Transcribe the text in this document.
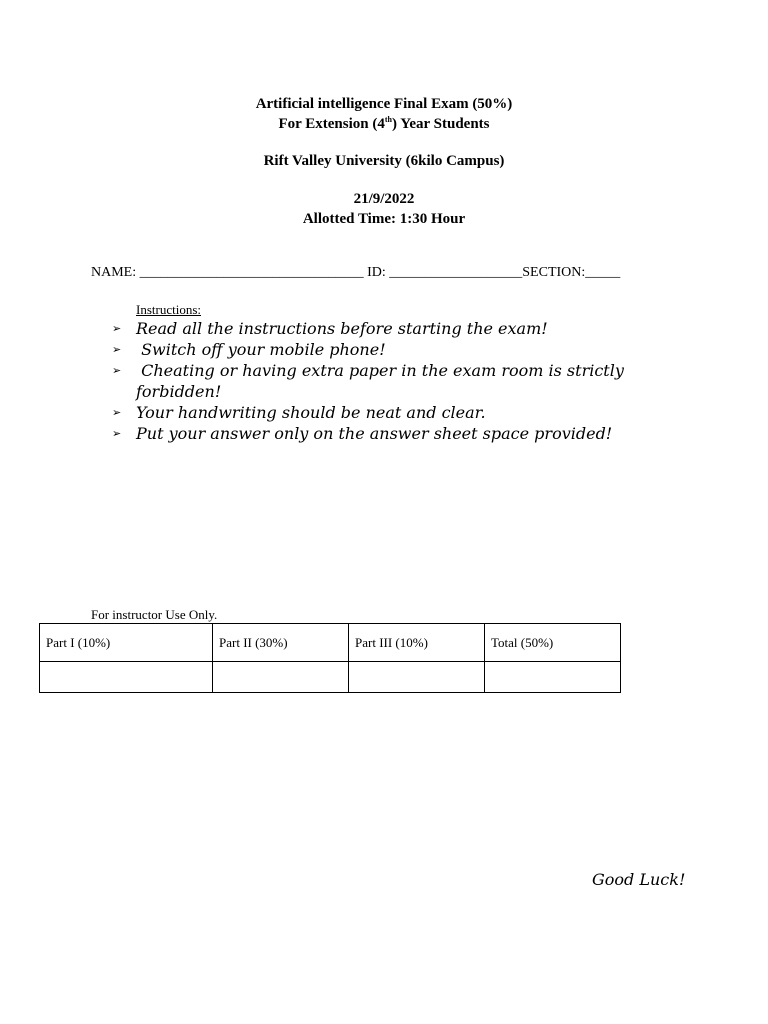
Artificial intelligence Final Exam (50%)
For Extension (4th) Year Students
Rift Valley University (6kilo Campus)
21/9/2022
Allotted Time: 1:30 Hour
NAME: ________________________________ ID: ___________________SECTION:_____
Instructions:
➢ Read all the instructions before starting the exam!
➢ Switch off your mobile phone!
➢ Cheating or having extra paper in the exam room is strictly forbidden!
➢ Your handwriting should be neat and clear.
➢ Put your answer only on the answer sheet space provided!
For instructor Use Only.
Part I (10%)	Part II (30%)	Part III (10%)	Total (50%)

Good Luck!
